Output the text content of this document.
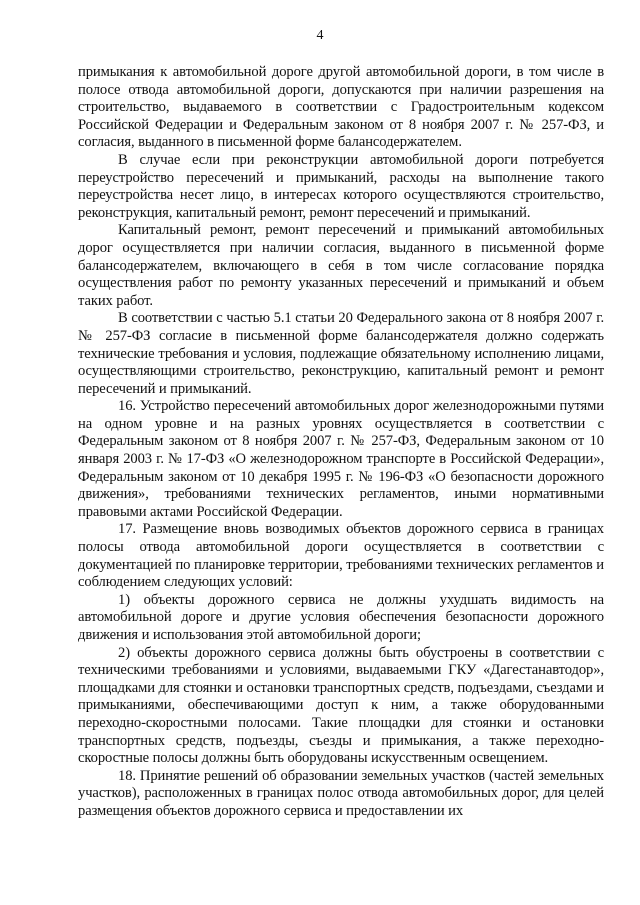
4

примыкания к автомобильной дороге другой автомобильной дороги, в том числе в полосе отвода автомобильной дороги, допускаются при наличии разрешения на строительство, выдаваемого в соответствии с Градостроительным кодексом Российской Федерации и Федеральным законом от 8 ноября 2007 г. № 257-ФЗ, и согласия, выданного в письменной форме балансодержателем.

В случае если при реконструкции автомобильной дороги потребуется переустройство пересечений и примыканий, расходы на выполнение такого переустройства несет лицо, в интересах которого осуществляются строительство, реконструкция, капитальный ремонт, ремонт пересечений и примыканий.

Капитальный ремонт, ремонт пересечений и примыканий автомобильных дорог осуществляется при наличии согласия, выданного в письменной форме балансодержателем, включающего в себя в том числе согласование порядка осуществления работ по ремонту указанных пересечений и примыканий и объем таких работ.

В соответствии с частью 5.1 статьи 20 Федерального закона от 8 ноября 2007 г. № 257-ФЗ согласие в письменной форме балансодержателя должно содержать технические требования и условия, подлежащие обязательному исполнению лицами, осуществляющими строительство, реконструкцию, капитальный ремонт и ремонт пересечений и примыканий.

16. Устройство пересечений автомобильных дорог железнодорожными путями на одном уровне и на разных уровнях осуществляется в соответствии с Федеральным законом от 8 ноября 2007 г. № 257-ФЗ, Федеральным законом от 10 января 2003 г. № 17-ФЗ «О железнодорожном транспорте в Российской Федерации», Федеральным законом от 10 декабря 1995 г. № 196-ФЗ «О безопасности дорожного движения», требованиями технических регламентов, иными нормативными правовыми актами Российской Федерации.

17. Размещение вновь возводимых объектов дорожного сервиса в границах полосы отвода автомобильной дороги осуществляется в соответствии с документацией по планировке территории, требованиями технических регламентов и соблюдением следующих условий:

1) объекты дорожного сервиса не должны ухудшать видимость на автомобильной дороге и другие условия обеспечения безопасности дорожного движения и использования этой автомобильной дороги;

2) объекты дорожного сервиса должны быть обустроены в соответствии с техническими требованиями и условиями, выдаваемыми ГКУ «Дагестанавтодор», площадками для стоянки и остановки транспортных средств, подъездами, съездами и примыканиями, обеспечивающими доступ к ним, а также оборудованными переходно-скоростными полосами. Такие площадки для стоянки и остановки транспортных средств, подъезды, съезды и примыкания, а также переходно-скоростные полосы должны быть оборудованы искусственным освещением.

18. Принятие решений об образовании земельных участков (частей земельных участков), расположенных в границах полос отвода автомобильных дорог, для целей размещения объектов дорожного сервиса и предоставлении их
